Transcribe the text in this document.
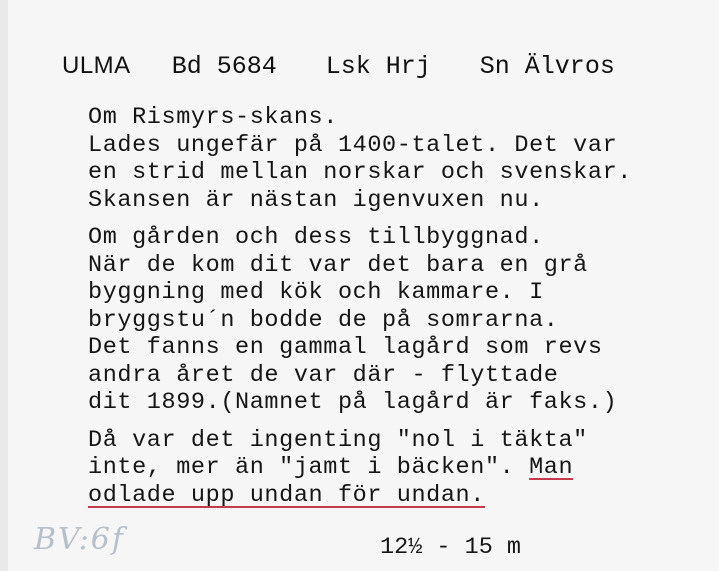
ULMA Bd 5684 Lsk Hrj Sn Älvros
Om Rismyrs-skans.
Lades ungefär på 1400-talet. Det var
en strid mellan norskar och svenskar.
Skansen är nästan igenvuxen nu.
Om gården och dess tillbyggnad.
När de kom dit var det bara en grå
byggning med kök och kammare. I
bryggstu´n bodde de på somrarna.
Det fanns en gammal lagård som revs
andra året de var där - flyttade
dit 1899.(Namnet på lagård är faks.)
Då var det ingenting "nol i täkta"
inte, mer än "jamt i bäcken". Man
odlade upp undan för undan.
BV:6f	12½ - 15 m
